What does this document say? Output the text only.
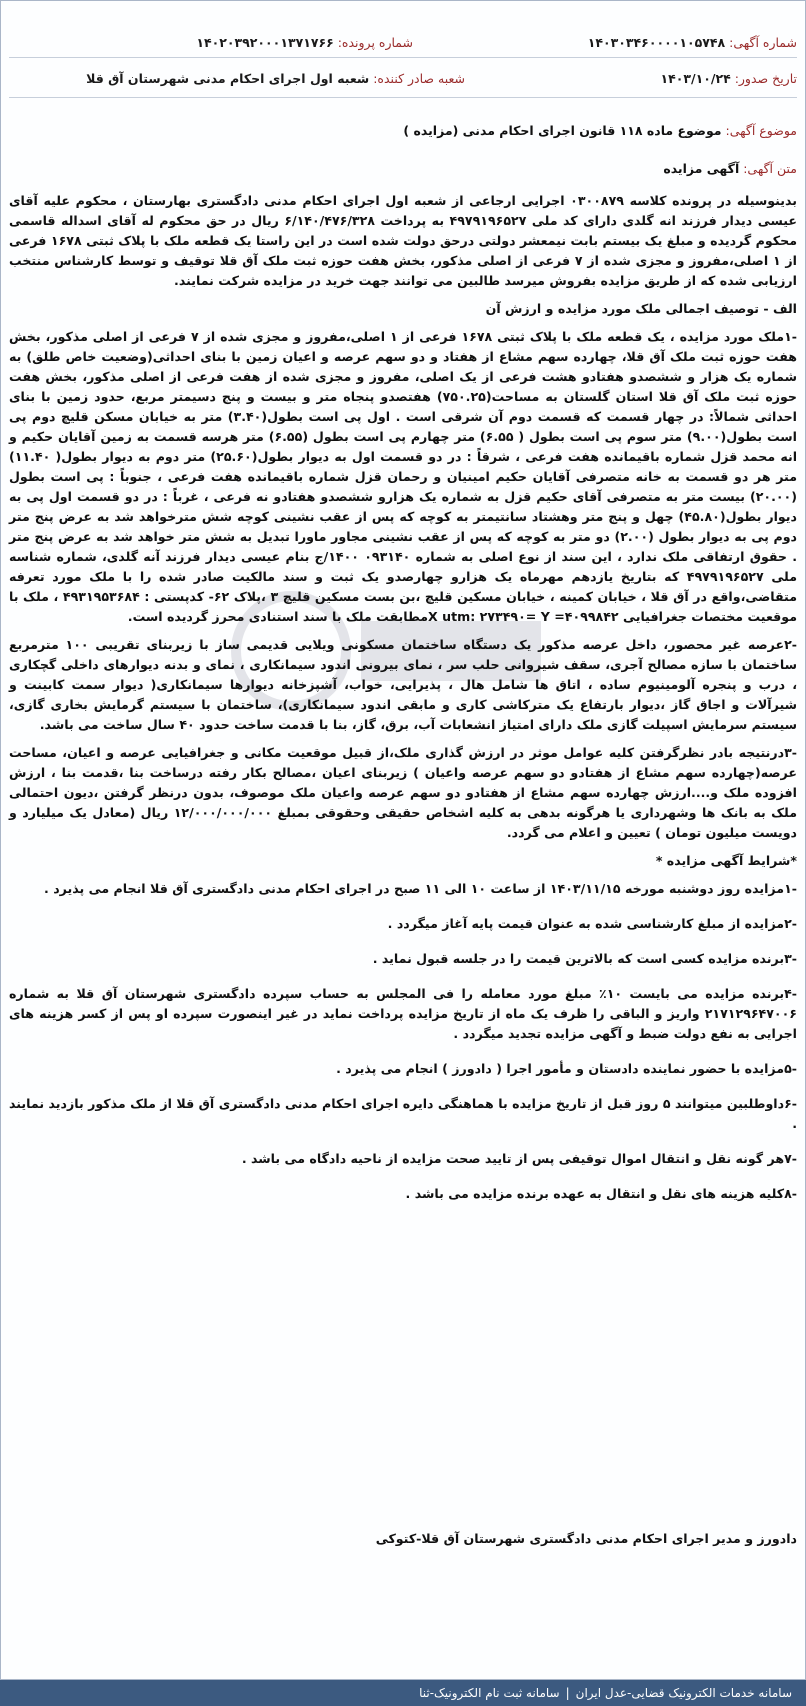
شماره آگهی: ۱۴۰۳۰۳۴۶۰۰۰۰۱۰۵۷۴۸
شماره پرونده: ۱۴۰۲۰۳۹۲۰۰۰۱۳۷۱۷۶۶
تاریخ صدور: ۱۴۰۳/۱۰/۲۴
شعبه صادر کننده: شعبه اول اجرای احکام مدنی شهرستان آق قلا
موضوع آگهی: موضوع ماده ۱۱۸ قانون اجرای احکام مدنی (مزایده )
متن آگهی: آگهی مزایده

بدینوسیله در پرونده کلاسه ۰۳۰۰۸۷۹ اجرایی ارجاعی از شعبه اول اجرای احکام مدنی دادگستری بهارستان ، محکوم علیه آقای عیسی دیدار فرزند انه گلدی دارای کد ملی ۴۹۷۹۱۹۶۵۲۷ به پرداخت ۶/۱۴۰/۴۷۶/۳۲۸ ریال در حق محکوم له آقای اسداله قاسمی محکوم گردیده و مبلغ یک بیستم بابت نیمعشر دولتی درحق دولت شده است در این راستا یک قطعه ملک با پلاک ثبتی ۱۶۷۸ فرعی از ۱ اصلی،مفروز و مجزی شده از ۷ فرعی از اصلی مذکور، بخش هفت حوزه ثبت ملک آق قلا توقیف و توسط کارشناس منتخب ارزیابی شده که از طریق مزایده بفروش میرسد طالبین می توانند جهت خرید در مزایده شرکت نمایند.

الف - توصیف اجمالی ملک مورد مزایده و ارزش آن

-۱ملک مورد مزایده ، یک قطعه ملک با پلاک ثبتی ۱۶۷۸ فرعی از ۱ اصلی،مفروز و مجزی شده از ۷ فرعی از اصلی مذکور، بخش هفت حوزه ثبت ملک آق قلا، چهارده سهم مشاع از هفتاد و دو سهم عرصه و اعیان زمین با بنای احداثی(وضعیت خاص طلق) به شماره یک هزار و ششصدو هفتادو هشت فرعی از یک اصلی، مفروز و مجزی شده از هفت فرعی از اصلی مذکور، بخش هفت حوزه ثبت ملک آق قلا استان گلستان به مساحت(۷۵۰.۲۵) هفتصدو پنجاه متر و بیست و پنج دسیمتر مربع، حدود زمین با بنای احداثی شمالاً: در چهار قسمت که قسمت دوم آن شرقی است . اول پی است بطول(۳.۴۰) متر به خیابان مسکن قلیچ دوم پی است بطول(۹.۰۰) متر سوم پی است بطول ( ۶.۵۵) متر چهارم پی است بطول (۶.۵۵) متر هرسه قسمت به زمین آقایان حکیم و انه محمد قزل شماره باقیمانده هفت فرعی ، شرقاً : در دو قسمت اول به دیوار بطول(۲۵.۶۰) متر دوم به دیوار بطول( ۱۱.۴۰) متر هر دو قسمت به خانه متصرفی آقایان حکیم امینیان و رحمان قزل شماره باقیمانده هفت فرعی ، جنوباً : پی است بطول (۲۰.۰۰) بیست متر به متصرفی آقای حکیم قزل به شماره یک هزارو ششصدو هفتادو نه فرعی ، غرباً : در دو قسمت اول پی به دیوار بطول(۴۵.۸۰) چهل و پنج متر وهشتاد سانتیمتر به کوچه که پس از عقب نشینی کوچه شش مترخواهد شد به عرض پنج متر دوم پی به دیوار بطول (۲.۰۰) دو متر به کوچه که پس از عقب نشینی مجاور ماورا تبدیل به شش متر خواهد شد به عرض پنج متر . حقوق ارتفاقی ملک ندارد ، این سند از نوع اصلی به شماره ۰۹۳۱۴۰ ۱۴۰۰/ج بنام عیسی دیدار فرزند آنه گلدی، شماره شناسه ملی ۴۹۷۹۱۹۶۵۲۷ که بتاریخ یازدهم مهرماه یک هزارو چهارصدو یک ثبت و سند مالکیت صادر شده را با ملک مورد تعرفه متقاضی،واقع در آق قلا ، خیابان کمینه ، خیابان مسکین قلیچ ،بن بست مسکین قلیچ ۳ ،پلاک ۶۲- کدپستی : ۴۹۳۱۹۵۳۶۸۴ ، ملک با موقعیت مختصات جغرافیایی X utm: ۲۷۳۴۹۰= Y =۴۰۹۹۸۴۲مطابقت ملک با سند استنادی محرز گردیده است.

-۲عرصه غیر محصور، داخل عرصه مذکور یک دستگاه ساختمان مسکونی ویلایی قدیمی ساز با زیربنای تقریبی ۱۰۰ مترمربع ساختمان با سازه مصالح آجری، سقف شیروانی حلب سر ، نمای بیرونی اندود سیمانکاری ، نمای و بدنه دیوارهای داخلی گچکاری ، درب و پنجره آلومینیوم ساده ، اتاق ها شامل هال ، پذیرایی، خواب، آشپزخانه دیوارها سیمانکاری( دیوار سمت کابینت و شیرآلات و اجاق گاز ،دیوار بارتفاع یک مترکاشی کاری و مابقی اندود سیمانکاری)، ساختمان با سیستم گرمایش بخاری گازی، سیستم سرمایش اسپیلت گازی ملک دارای امتیاز انشعابات آب، برق، گاز، بنا با قدمت ساخت حدود ۴۰ سال ساخت می باشد.

-۳درنتیجه بادر نظرگرفتن کلیه عوامل موثر در ارزش گذاری ملک،از قبیل موقعیت مکانی و جغرافیایی عرصه و اعیان، مساحت عرصه(چهارده سهم مشاع از هفتادو دو سهم عرصه واعیان ) زیربنای اعیان ،مصالح بکار رفته درساخت بنا ،قدمت بنا ، ارزش افزوده ملک و....ارزش چهارده سهم مشاع از هفتادو دو سهم عرصه واعیان ملک موصوف، بدون درنظر گرفتن ،دیون احتمالی ملک به بانک ها وشهرداری یا هرگونه بدهی به کلیه اشخاص حقیقی وحقوقی بمبلغ ۱۲/۰۰۰/۰۰۰/۰۰۰ ریال (معادل یک میلیارد و دویست میلیون تومان ) تعیین و اعلام می گردد.

*شرایط آگهی مزایده *

-۱مزایده روز دوشنبه مورخه ۱۴۰۳/۱۱/۱۵ از ساعت ۱۰ الی ۱۱ صبح در اجرای احکام مدنی دادگستری آق قلا انجام می پذیرد .

-۲مزایده از مبلغ کارشناسی شده به عنوان قیمت پایه آغاز میگردد .

-۳برنده مزایده کسی است که بالاترین قیمت را در جلسه قبول نماید .

-۴برنده مزایده می بایست ۱۰٪ مبلغ مورد معامله را فی المجلس به حساب سپرده دادگستری شهرستان آق قلا به شماره ۲۱۷۱۲۹۶۴۷۰۰۶ واریز و الباقی را ظرف یک ماه از تاریخ مزایده پرداخت نماید در غیر اینصورت سپرده او پس از کسر هزینه های اجرایی به نفع دولت ضبط و آگهی مزایده تجدید میگردد .

-۵مزایده با حضور نماینده دادستان و مأمور اجرا ( دادورز ) انجام می پذیرد .

-۶داوطلبین میتوانند ۵ روز قبل از تاریخ مزایده با هماهنگی دایره اجرای احکام مدنی دادگستری آق قلا از ملک مذکور بازدید نمایند .

-۷هر گونه نقل و انتقال اموال توقیفی پس از تایید صحت مزایده از ناحیه دادگاه می باشد .

-۸کلیه هزینه های نقل و انتقال به عهده برنده مزایده می باشد .

دادورز و مدیر اجرای احکام مدنی دادگستری شهرستان آق قلا-کتوکی
سامانه خدمات الکترونیک قضایی-عدل ایران
|
سامانه ثبت نام الکترونیک-ثنا
